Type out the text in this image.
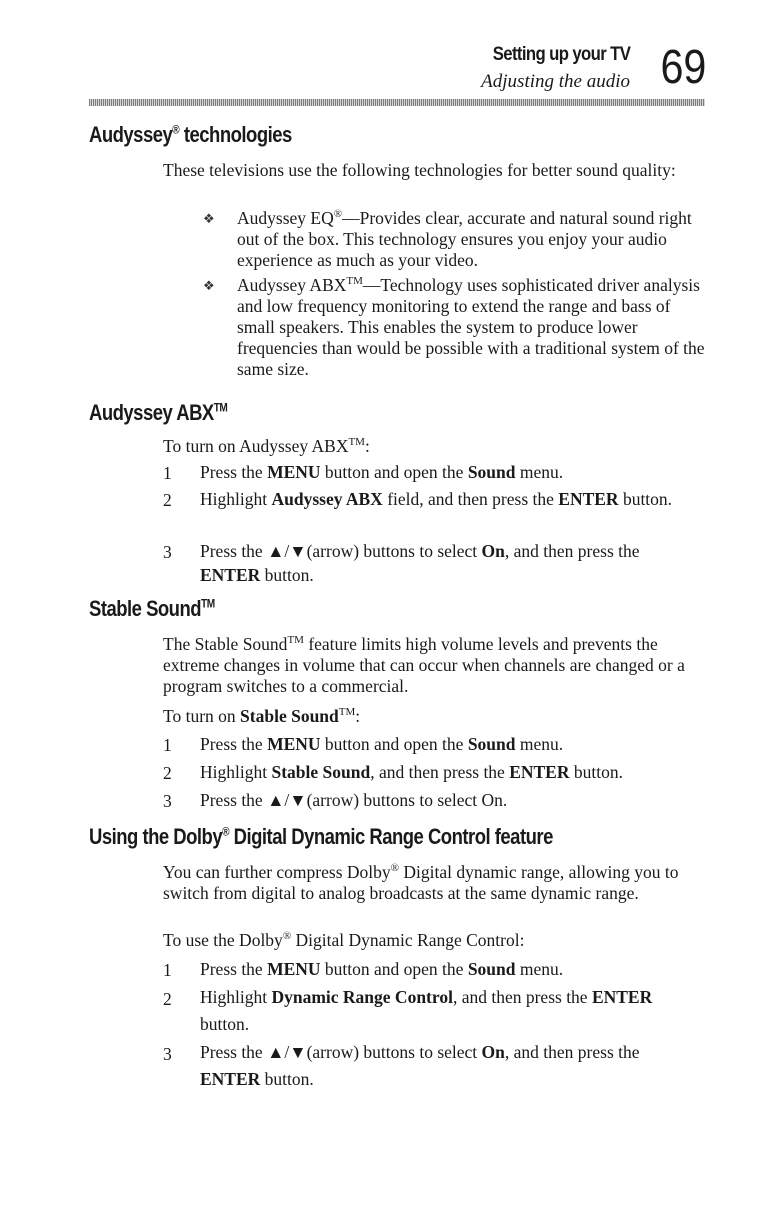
Setting up your TV
Adjusting the audio 69
Audyssey® technologies
These televisions use the following technologies for better sound quality:
❖ Audyssey EQ®—Provides clear, accurate and natural sound right out of the box. This technology ensures you enjoy your audio experience as much as your video.
❖ Audyssey ABX™—Technology uses sophisticated driver analysis and low frequency monitoring to extend the range and bass of small speakers. This enables the system to produce lower frequencies than would be possible with a traditional system of the same size.
Audyssey ABX™
To turn on Audyssey ABX™:
1 Press the MENU button and open the Sound menu.
2 Highlight Audyssey ABX field, and then press the ENTER button.
3 Press the ▲/▼(arrow) buttons to select On, and then press the ENTER button.
Stable Sound™
The Stable Sound™ feature limits high volume levels and prevents the extreme changes in volume that can occur when channels are changed or a program switches to a commercial.
To turn on Stable Sound™:
1 Press the MENU button and open the Sound menu.
2 Highlight Stable Sound, and then press the ENTER button.
3 Press the ▲/▼(arrow) buttons to select On.
Using the Dolby® Digital Dynamic Range Control feature
You can further compress Dolby® Digital dynamic range, allowing you to switch from digital to analog broadcasts at the same dynamic range.
To use the Dolby® Digital Dynamic Range Control:
1 Press the MENU button and open the Sound menu.
2 Highlight Dynamic Range Control, and then press the ENTER button.
3 Press the ▲/▼(arrow) buttons to select On, and then press the ENTER button.
